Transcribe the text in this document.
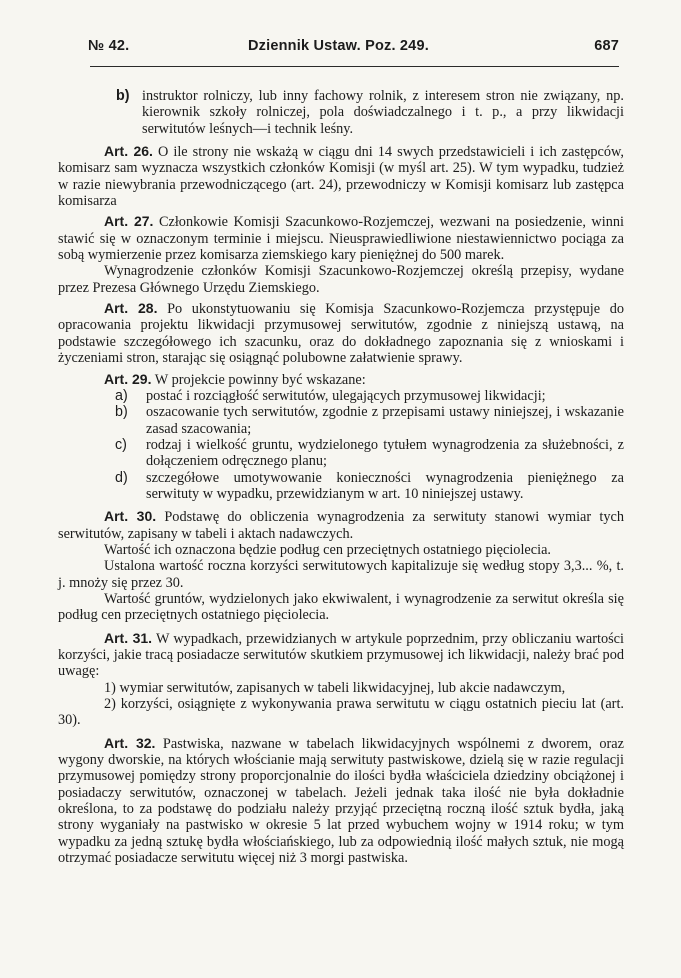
№ 42.	Dziennik Ustaw. Poz. 249.	687

b) instruktor rolniczy, lub inny fachowy rolnik, z interesem stron nie związany, np. kierownik szkoły rolniczej, pola doświadczalnego i t. p., a przy likwidacji serwitutów leśnych—i technik leśny.

Art. 26. O ile strony nie wskażą w ciągu dni 14 swych przedstawicieli i ich zastępców, komisarz sam wyznacza wszystkich członków Komisji (w myśl art. 25). W tym wypadku, tudzież w razie niewybrania przewodniczącego (art. 24), przewodniczy w Komisji komisarz lub zastępca komisarza

Art. 27. Członkowie Komisji Szacunkowo-Rozjemczej, wezwani na posiedzenie, winni stawić się w oznaczonym terminie i miejscu. Nieusprawiedliwione niestawiennictwo pociąga za sobą wymierzenie przez komisarza ziemskiego kary pieniężnej do 500 marek.

Wynagrodzenie członków Komisji Szacunkowo-Rozjemczej określą przepisy, wydane przez Prezesa Głównego Urzędu Ziemskiego.

Art. 28. Po ukonstytuowaniu się Komisja Szacunkowo-Rozjemcza przystępuje do opracowania projektu likwidacji przymusowej serwitutów, zgodnie z niniejszą ustawą, na podstawie szczegółowego ich szacunku, oraz do dokładnego zapoznania się z wnioskami i życzeniami stron, starając się osiągnąć polubowne załatwienie sprawy.

Art. 29. W projekcie powinny być wskazane:

a) postać i rozciągłość serwitutów, ulegających przymusowej likwidacji;

b) oszacowanie tych serwitutów, zgodnie z przepisami ustawy niniejszej, i wskazanie zasad szacowania;

c) rodzaj i wielkość gruntu, wydzielonego tytułem wynagrodzenia za służebności, z dołączeniem odręcznego planu;

d) szczegółowe umotywowanie konieczności wynagrodzenia pieniężnego za serwituty w wypadku, przewidzianym w art. 10 niniejszej ustawy.

Art. 30. Podstawę do obliczenia wynagrodzenia za serwituty stanowi wymiar tych serwitutów, zapisany w tabeli i aktach nadawczych.

Wartość ich oznaczona będzie podług cen przeciętnych ostatniego pięciolecia.

Ustalona wartość roczna korzyści serwitutowych kapitalizuje się według stopy 3,3... %, t. j. mnoży się przez 30.

Wartość gruntów, wydzielonych jako ekwiwalent, i wynagrodzenie za serwitut określa się podług cen przeciętnych ostatniego pięciolecia.

Art. 31. W wypadkach, przewidzianych w artykule poprzednim, przy obliczaniu wartości korzyści, jakie tracą posiadacze serwitutów skutkiem przymusowej ich likwidacji, należy brać pod uwagę:

1) wymiar serwitutów, zapisanych w tabeli likwidacyjnej, lub akcie nadawczym,

2) korzyści, osiągnięte z wykonywania prawa serwitutu w ciągu ostatnich pieciu lat (art. 30).

Art. 32. Pastwiska, nazwane w tabelach likwidacyjnych wspólnemi z dworem, oraz wygony dworskie, na których włościanie mają serwituty pastwiskowe, dzielą się w razie regulacji przymusowej pomiędzy strony proporcjonalnie do ilości bydła właściciela dziedziny obciążonej i posiadaczy serwitutów, oznaczonej w tabelach. Jeżeli jednak taka ilość nie była dokładnie określona, to za podstawę do podziału należy przyjąć przeciętną roczną ilość sztuk bydła, jaką strony wyganiały na pastwisko w okresie 5 lat przed wybuchem wojny w 1914 roku; w tym wypadku za jedną sztukę bydła włościańskiego, lub za odpowiednią ilość małych sztuk, nie mogą otrzymać posiadacze serwitutu więcej niż 3 morgi pastwiska.
